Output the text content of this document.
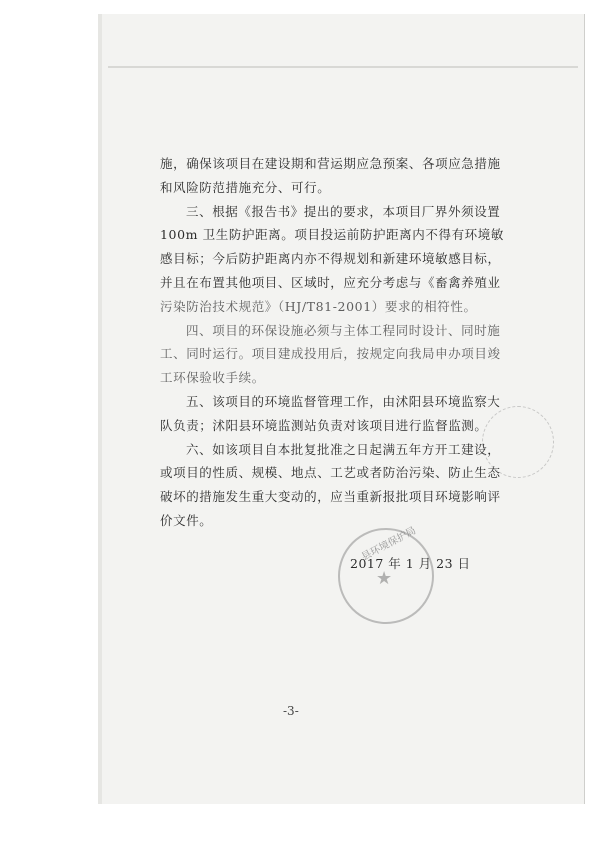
施，确保该项目在建设期和营运期应急预案、各项应急措施
和风险防范措施充分、可行。
三、根据《报告书》提出的要求，本项目厂界外须设置
100m 卫生防护距离。项目投运前防护距离内不得有环境敏
感目标；今后防护距离内亦不得规划和新建环境敏感目标，
并且在布置其他项目、区域时，应充分考虑与《畜禽养殖业
污染防治技术规范》（HJ/T81-2001）要求的相符性。
四、项目的环保设施必须与主体工程同时设计、同时施
工、同时运行。项目建成投用后，按规定向我局申办项目竣
工环保验收手续。
五、该项目的环境监督管理工作，由沭阳县环境监察大
队负责；沭阳县环境监测站负责对该项目进行监督监测。
六、如该项目自本批复批准之日起满五年方开工建设，
或项目的性质、规模、地点、工艺或者防治污染、防止生态
破坏的措施发生重大变动的，应当重新报批项目环境影响评
价文件。
县环境保护局
★
2017 年 1 月 23 日
-3-
